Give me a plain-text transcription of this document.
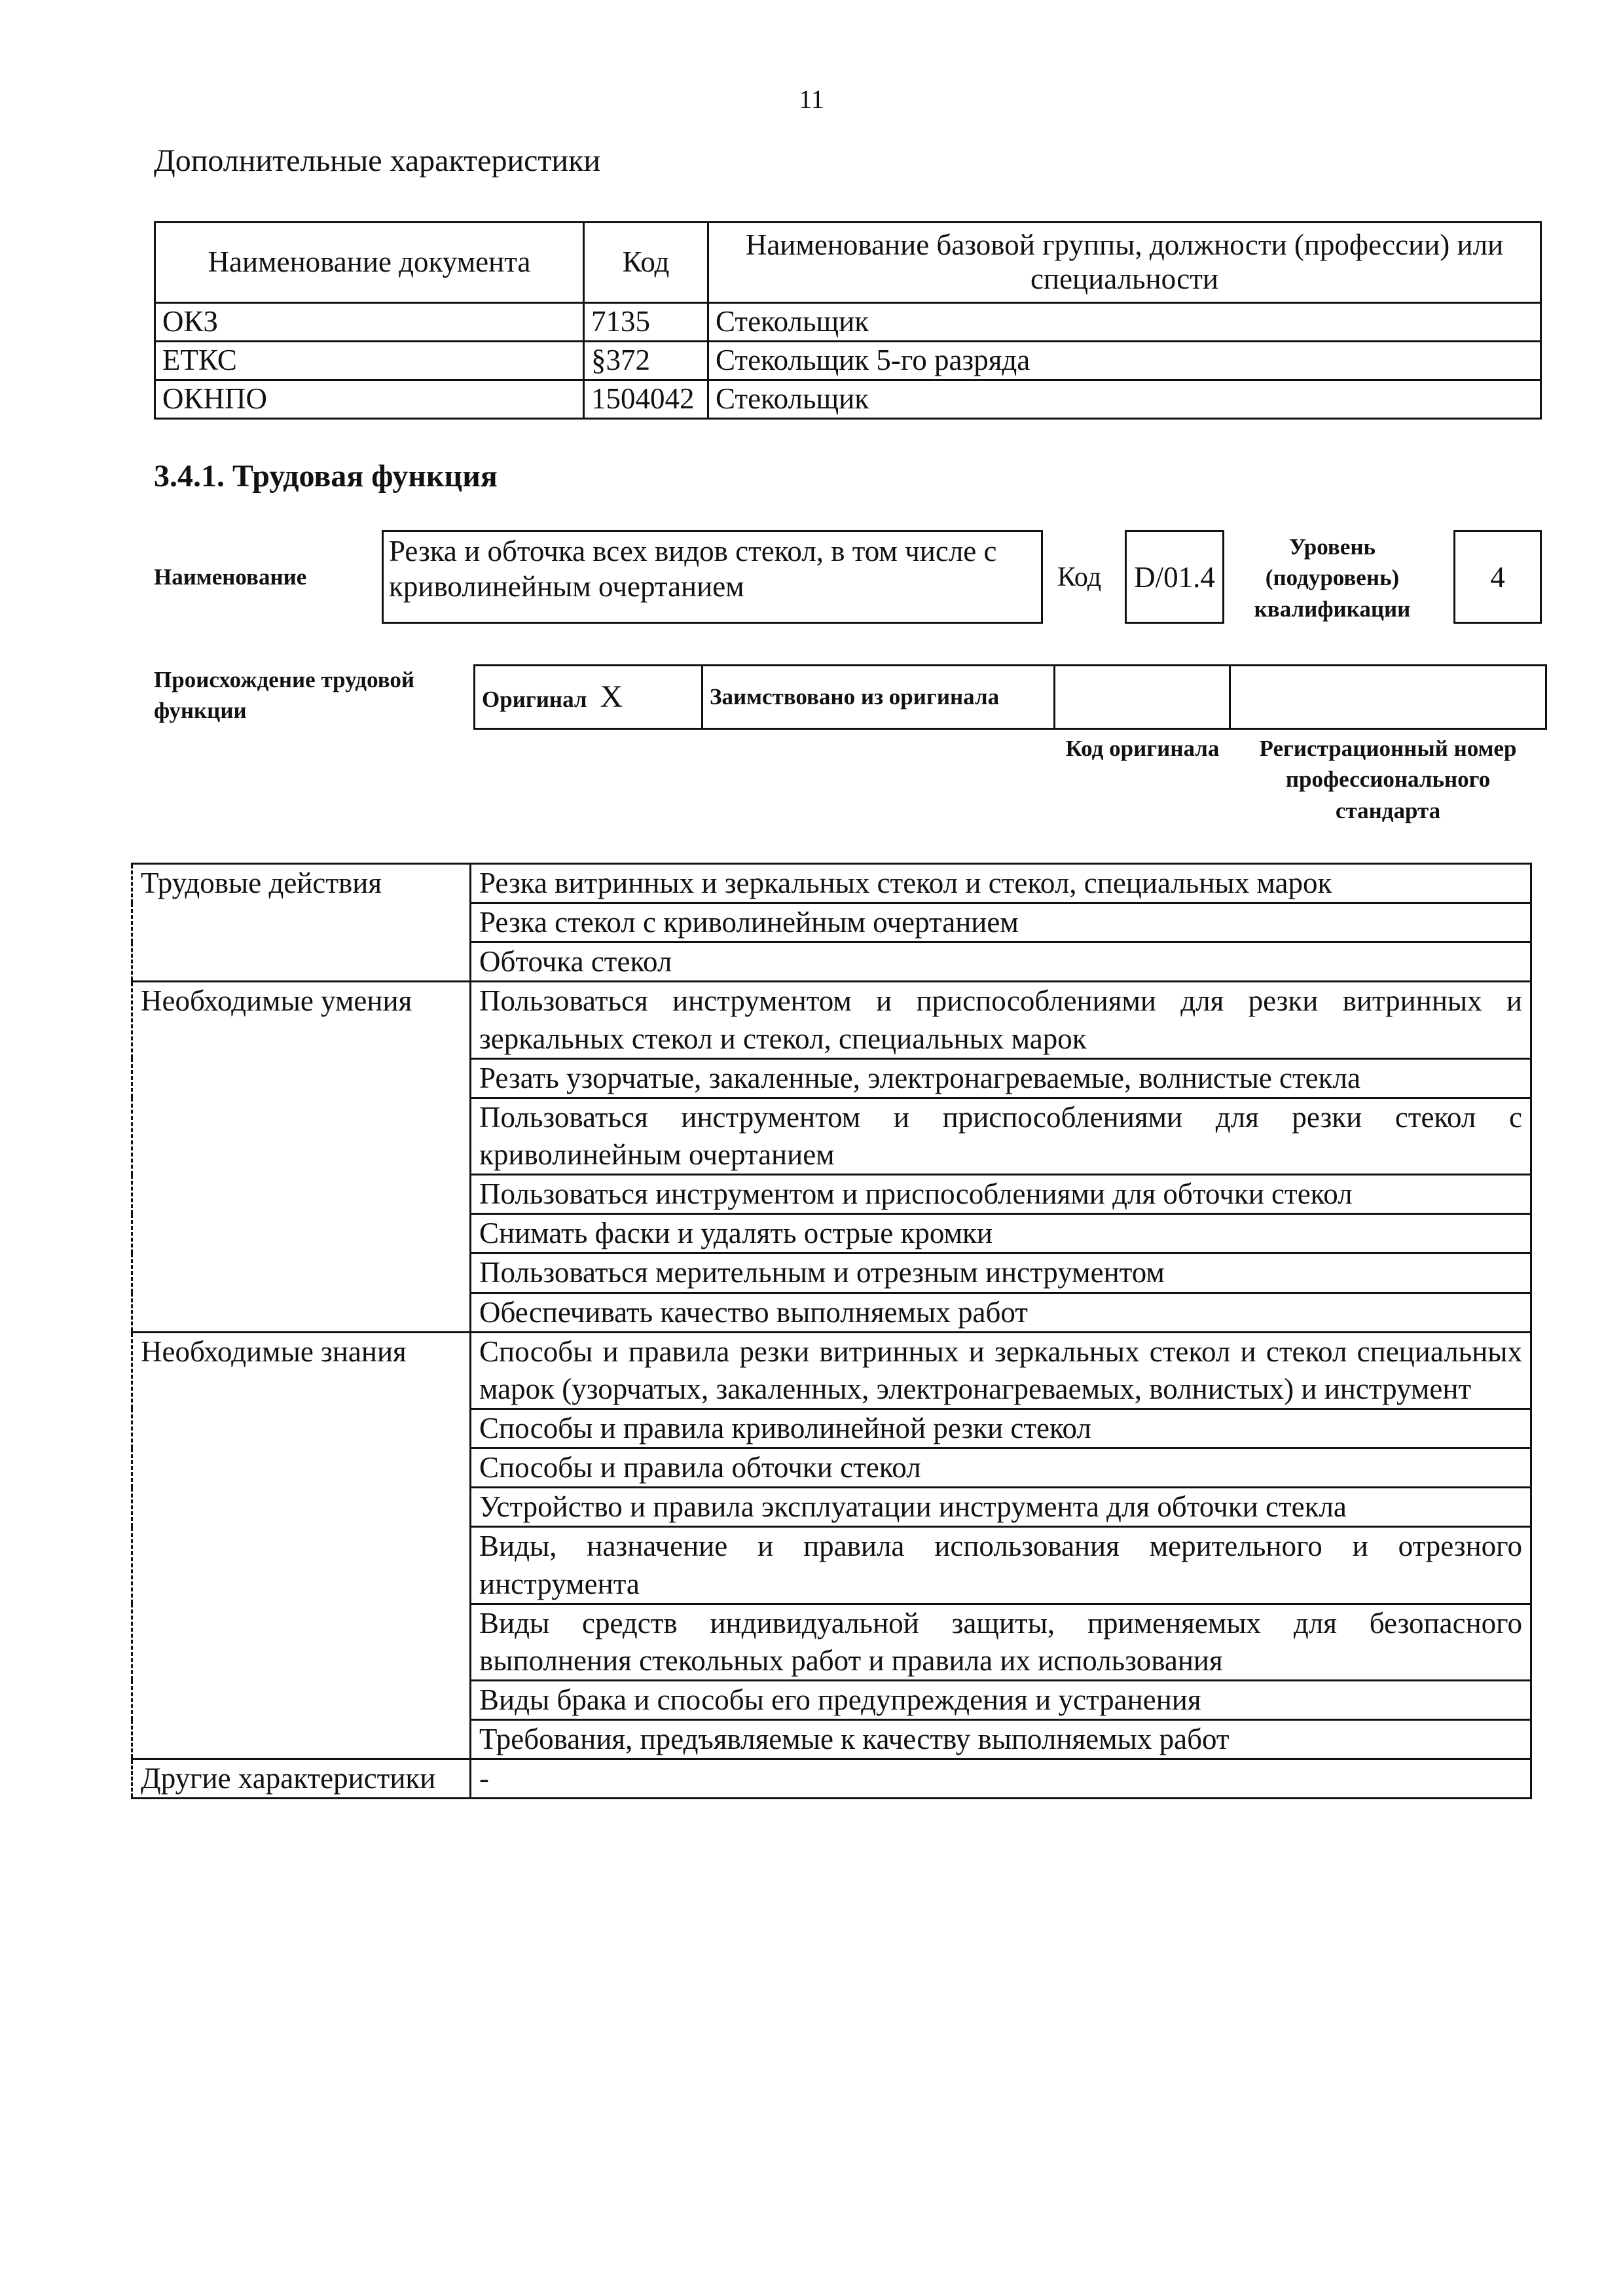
11
Дополнительные характеристики
Наименование документа	Код	Наименование базовой группы, должности (профессии) или специальности
ОКЗ	7135	Стекольщик
ЕТКС	§372	Стекольщик 5-го разряда
ОКНПО	1504042	Стекольщик
3.4.1. Трудовая функция
Наименование
Резка и обточка всех видов стекол, в том числе с криволинейным очертанием	Код	D/01.4
Уровень (подуровень) квалификации
4
Происхождение трудовой функции	Оригинал X	Заимствовано из оригинала		
Код оригинала	Регистрационный номер профессионального стандарта
Трудовые действия	Резка витринных и зеркальных стекол и стекол, специальных марок
	Резка стекол с криволинейным очертанием
	Обточка стекол
Необходимые умения	Пользоваться инструментом и приспособлениями для резки витринных и зеркальных стекол и стекол, специальных марок
	Резать узорчатые, закаленные, электронагреваемые, волнистые стекла
	Пользоваться инструментом и приспособлениями для резки стекол с криволинейным очертанием
	Пользоваться инструментом и приспособлениями для обточки стекол
	Снимать фаски и удалять острые кромки
	Пользоваться мерительным и отрезным инструментом
	Обеспечивать качество выполняемых работ
Необходимые знания	Способы и правила резки витринных и зеркальных стекол и стекол специальных марок (узорчатых, закаленных, электронагреваемых, волнистых) и инструмент
	Способы и правила криволинейной резки стекол
	Способы и правила обточки стекол
	Устройство и правила эксплуатации инструмента для обточки стекла
	Виды, назначение и правила использования мерительного и отрезного инструмента
	Виды средств индивидуальной защиты, применяемых для безопасного выполнения стекольных работ и правила их использования
	Виды брака и способы его предупреждения и устранения
	Требования, предъявляемые к качеству выполняемых работ
Другие характеристики	-
